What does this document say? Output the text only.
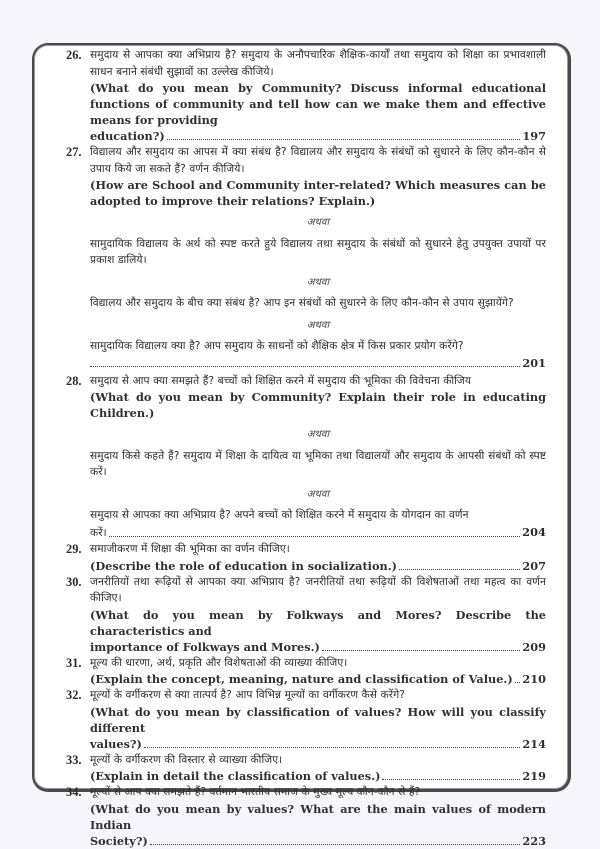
26. समुदाय से आपका क्या अभिप्राय है? समुदाय के अनौपचारिक शैक्षिक-कार्यों तथा समुदाय को शिक्षा का प्रभावशाली साधन बनाने संबंधी सुझावों का उल्लेख कीजिये।
(What do you mean by Community? Discuss informal educational functions of community and tell how can we make them and effective means for providing
education?)	197
27. विद्यालय और समुदाय का आपस में क्या संबंध है? विद्यालय और समुदाय के संबंधों को सुधारने के लिए कौन-कौन से उपाय किये जा सकते हैं? वर्णन कीजिये।
(How are School and Community inter-related? Which measures can be adopted to improve their relations? Explain.)
अथवा
सामुदायिक विद्यालय के अर्थ को स्पष्ट करते हुये विद्यालय तथा समुदाय के संबंधों को सुधारने हेतु उपयुक्त उपायों पर प्रकाश डालिये।
अथवा
विद्यालय और समुदाय के बीच क्या संबंध है? आप इन संबंधों को सुधारने के लिए कौन-कौन से उपाय सुझायेंगे?
अथवा
सामुदायिक विद्यालय क्या है? आप समुदाय के साधनों को शैक्षिक क्षेत्र में किस प्रकार प्रयोग करेंगे?
201
28. समुदाय से आप क्या समझते हैं? बच्चों को शिक्षित करने में समुदाय की भूमिका की विवेचना कीजिय
(What do you mean by Community? Explain their role in educating Children.)
अथवा
समुदाय किसे कहते हैं? समुदाय में शिक्षा के दायित्व या भूमिका तथा विद्यालयों और समुदाय के आपसी संबंधों को स्पष्ट करें।
अथवा
समुदाय से आपका क्या अभिप्राय है? अपने बच्चों को शिक्षित करने में समुदाय के योगदान का वर्णन
करें।	204
29. समाजीकरण में शिक्षा की भूमिका का वर्णन कीजिए।
(Describe the role of education in socialization.)	207
30. जनरीतियों तथा रूढ़ियों से आपका क्या अभिप्राय है? जनरीतियों तथा रूढ़ियों की विशेषताओं तथा महत्व का वर्णन कीजिए।
(What do you mean by Folkways and Mores? Describe the characteristics and
importance of Folkways and Mores.)	209
31. मूल्य की धारणा, अर्थ, प्रकृति और विशेषताओं की व्याख्या कीजिए।
(Explain the concept, meaning, nature and classification of Value.) 210
32. मूल्यों के वर्गीकरण से क्या तात्पर्य है? आप विभिन्न मूल्यों का वर्गीकरण कैसे करेंगे?
(What do you mean by classification of values? How will you classify different
values?)	214
33. मूल्यों के वर्गीकरण की विस्तार से व्याख्या कीजिए।
(Explain in detail the classification of values.)	219
34. मूल्यों से आप क्या समझते हैं? वर्तमान भारतीय समाज के मुख्य मूल्य कौन-कौन से हैं?
(What do you mean by values? What are the main values of modern Indian
Society?)	223
